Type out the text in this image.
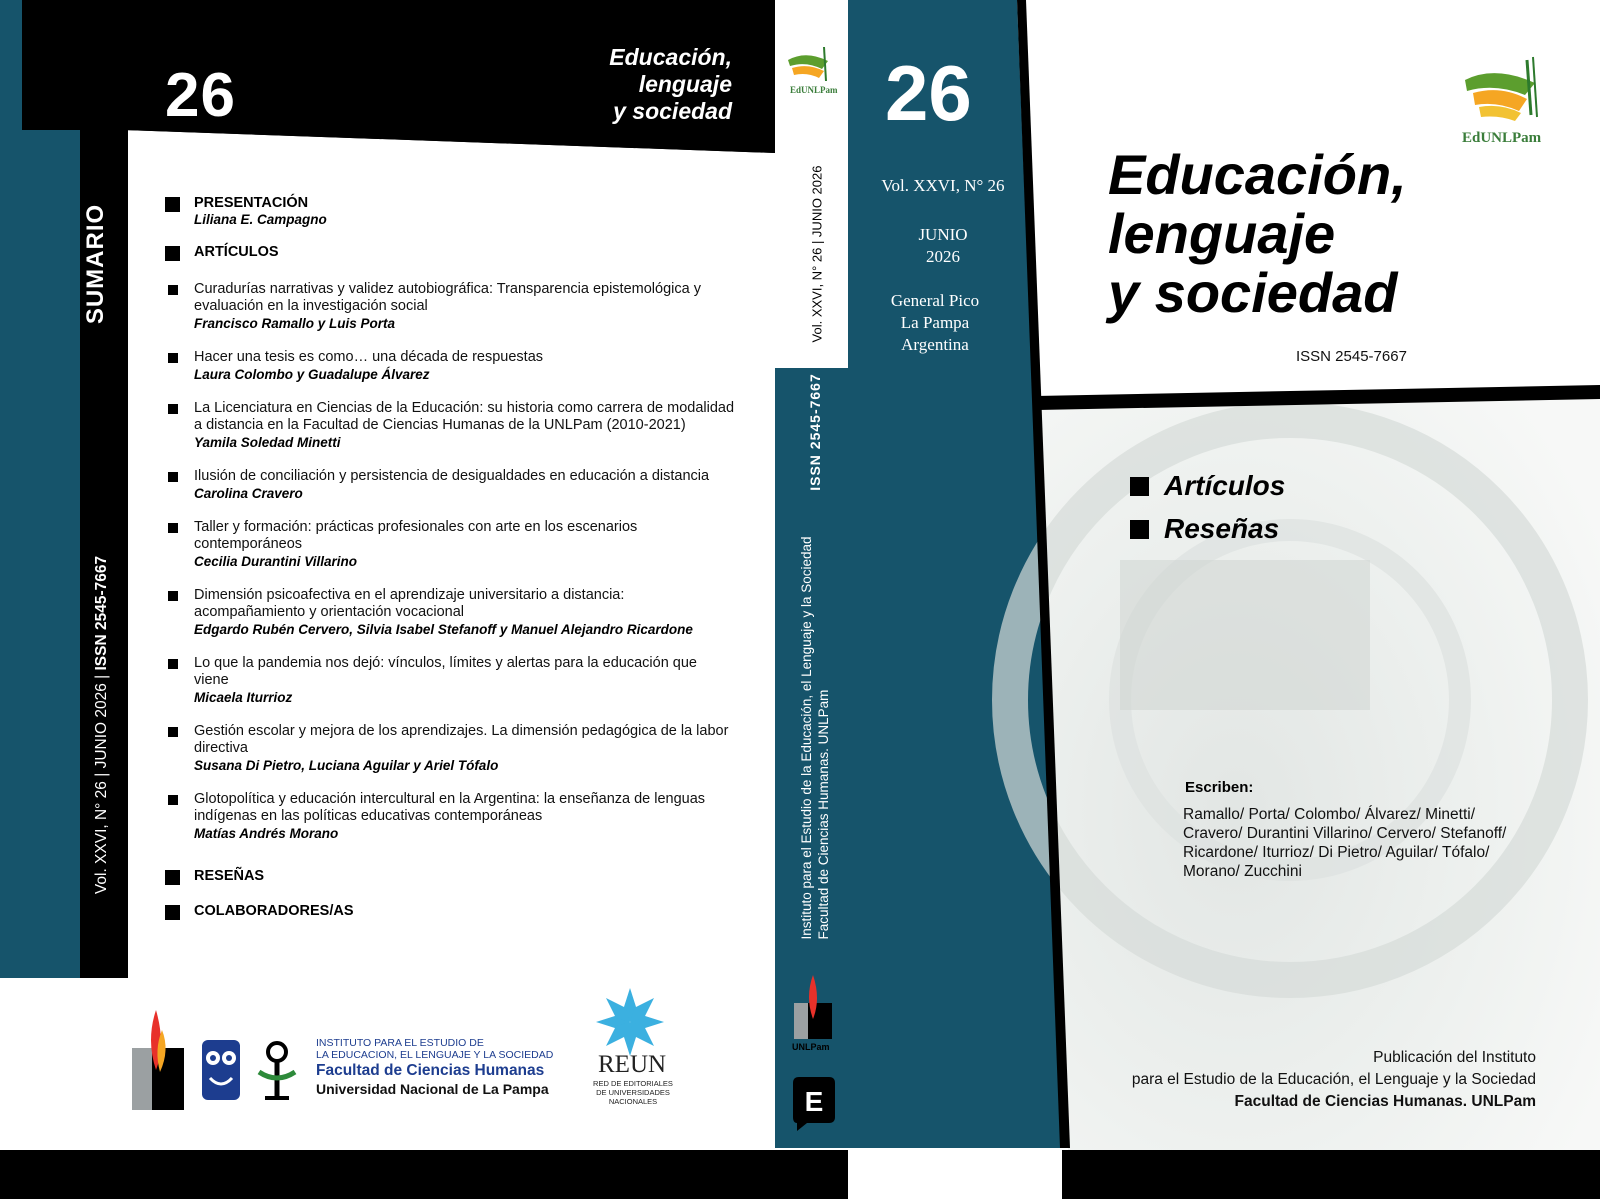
E
26
Educación,
lenguaje
y sociedad
SUMARIO
Vol. XXVI, N° 26 | JUNIO 2026 | ISSN 2545-7667
PRESENTACIÓN
Liliana E. Campagno
ARTÍCULOS
Curadurías narrativas y validez autobiográfica: Transparencia epistemológica y evaluación en la investigación social
Francisco Ramallo y Luis Porta
Hacer una tesis es como… una década de respuestas
Laura Colombo y Guadalupe Álvarez
La Licenciatura en Ciencias de la Educación: su historia como carrera de modalidad a distancia en la Facultad de Ciencias Humanas de la UNLPam (2010-2021)
Yamila Soledad Minetti
Ilusión de conciliación y persistencia de desigualdades en educación a distancia
Carolina Cravero
Taller y formación: prácticas profesionales con arte en los escenarios contemporáneos
Cecilia Durantini Villarino
Dimensión psicoafectiva en el aprendizaje universitario a distancia: acompañamiento y orientación vocacional
Edgardo Rubén Cervero, Silvia Isabel Stefanoff y Manuel Alejandro Ricardone
Lo que la pandemia nos dejó: vínculos, límites y alertas para la educación que viene
Micaela Iturrioz
Gestión escolar y mejora de los aprendizajes. La dimensión pedagógica de la labor directiva
Susana Di Pietro, Luciana Aguilar y Ariel Tófalo
Glotopolítica y educación intercultural en la Argentina: la enseñanza de lenguas indígenas en las políticas educativas contemporáneas
Matías Andrés Morano
RESEÑAS
COLABORADORES/AS
INSTITUTO PARA EL ESTUDIO DE
LA EDUCACION, EL LENGUAJE Y LA SOCIEDAD
Facultad de Ciencias Humanas
Universidad Nacional de La Pampa
REUN
RED DE EDITORIALES DE UNIVERSIDADES NACIONALES
EdUNLPam
Vol. XXVI, N° 26 | JUNIO 2026
ISSN 2545-7667
Instituto para el Estudio de la Educación, el Lenguaje y la Sociedad Facultad de Ciencias Humanas. UNLPam
UNLPam
26
Vol. XXVI, N° 26
JUNIO
2026
General Pico
La Pampa
Argentina
EdUNLPam
Educación,
lenguaje
y sociedad
ISSN 2545-7667
Artículos
Reseñas
Escriben:
Ramallo/ Porta/ Colombo/ Álvarez/ Minetti/
Cravero/ Durantini Villarino/ Cervero/ Stefanoff/
Ricardone/ Iturrioz/ Di Pietro/ Aguilar/ Tófalo/
Morano/ Zucchini
Publicación del Instituto
para el Estudio de la Educación, el Lenguaje y la Sociedad
Facultad de Ciencias Humanas. UNLPam
